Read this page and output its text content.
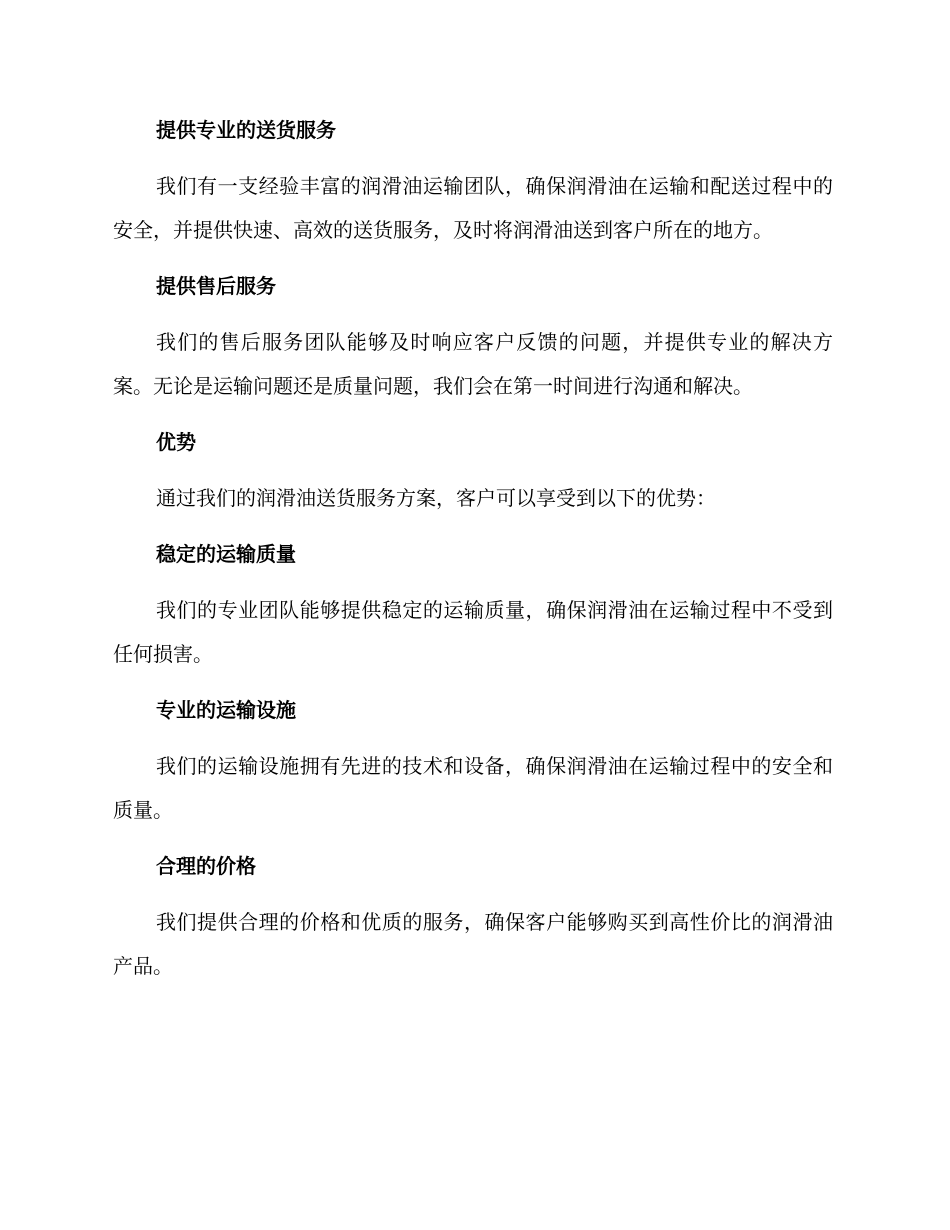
提供专业的送货服务

我们有一支经验丰富的润滑油运输团队，确保润滑油在运输和配送过程中的安全，并提供快速、高效的送货服务，及时将润滑油送到客户所在的地方。

提供售后服务

我们的售后服务团队能够及时响应客户反馈的问题，并提供专业的解决方案。无论是运输问题还是质量问题，我们会在第一时间进行沟通和解决。

优势

通过我们的润滑油送货服务方案，客户可以享受到以下的优势：

稳定的运输质量

我们的专业团队能够提供稳定的运输质量，确保润滑油在运输过程中不受到任何损害。

专业的运输设施

我们的运输设施拥有先进的技术和设备，确保润滑油在运输过程中的安全和质量。

合理的价格

我们提供合理的价格和优质的服务，确保客户能够购买到高性价比的润滑油产品。
